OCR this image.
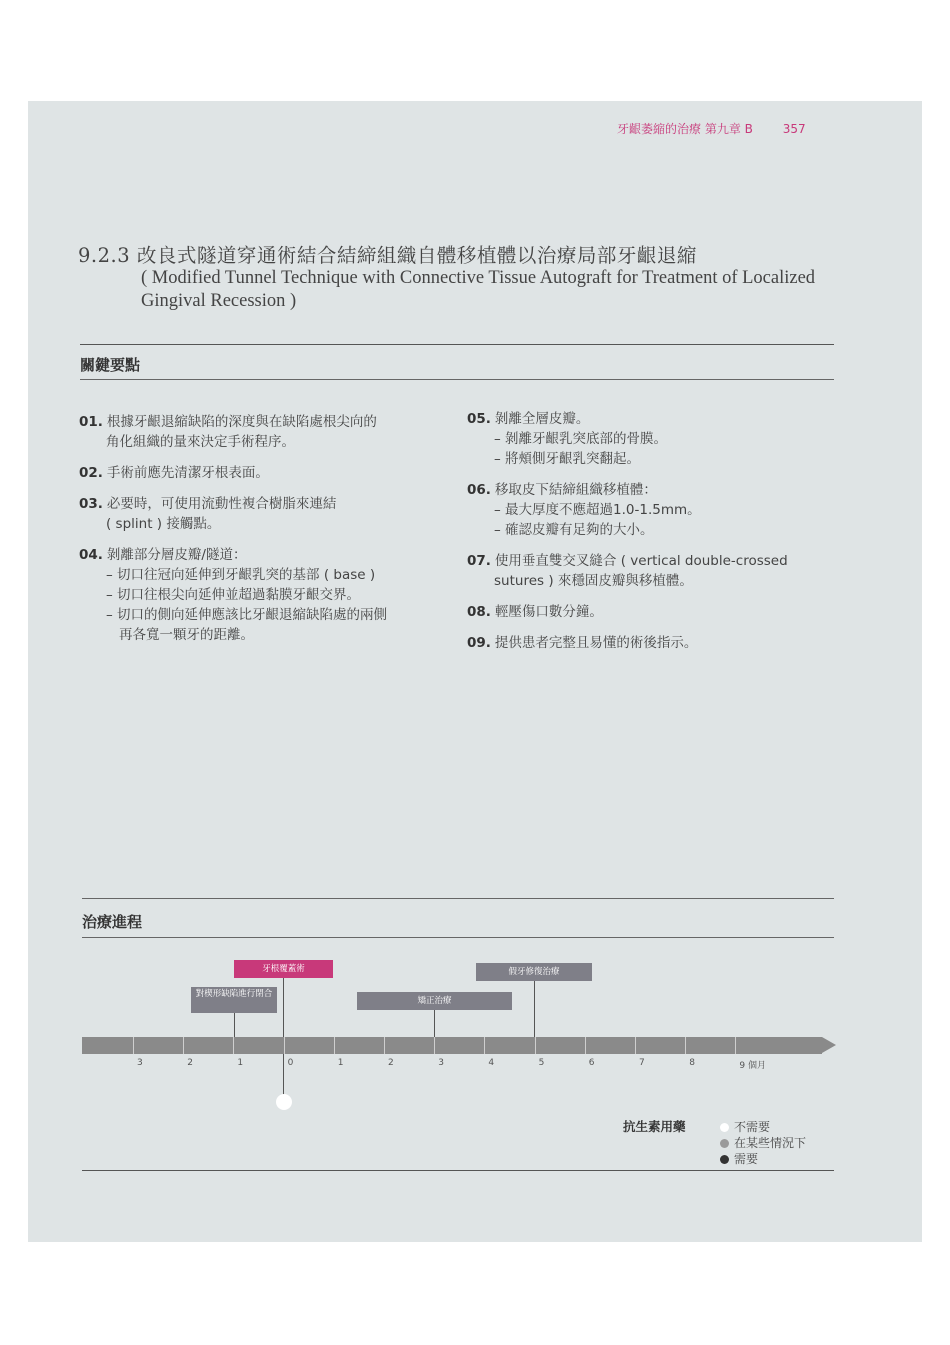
牙齦萎縮的治療 第九章 B 357
9.2.3 改良式隧道穿通術結合結締組織自體移植體以治療局部牙齦退縮
( Modified Tunnel Technique with Connective Tissue Autograft for Treatment of Localized Gingival Recession )
關鍵要點
01. 根據牙齦退縮缺陷的深度與在缺陷處根尖向的
角化組織的量來決定手術程序。
02. 手術前應先清潔牙根表面。
03. 必要時，可使用流動性複合樹脂來連結
( splint ) 接觸點。
04. 剝離部分層皮瓣/隧道：
– 切口往冠向延伸到牙齦乳突的基部 ( base )
– 切口往根尖向延伸並超過黏膜牙齦交界。
– 切口的側向延伸應該比牙齦退縮缺陷處的兩側
再各寬一顆牙的距離。
05. 剝離全層皮瓣。
– 剝離牙齦乳突底部的骨膜。
– 將頰側牙齦乳突翻起。
06. 移取皮下結締組織移植體：
– 最大厚度不應超過1.0-1.5mm。
– 確認皮瓣有足夠的大小。
07. 使用垂直雙交叉縫合 ( vertical double-crossed
sutures ) 來穩固皮瓣與移植體。
08. 輕壓傷口數分鐘。
09. 提供患者完整且易懂的術後指示。
治療進程
牙根覆蓋術
對楔形缺陷進行閉合
矯正治療
假牙修復治療
3	2	1	0	1	2	3	4	5	6	7	8	9 個月
抗生素用藥	不需要
在某些情況下
需要
